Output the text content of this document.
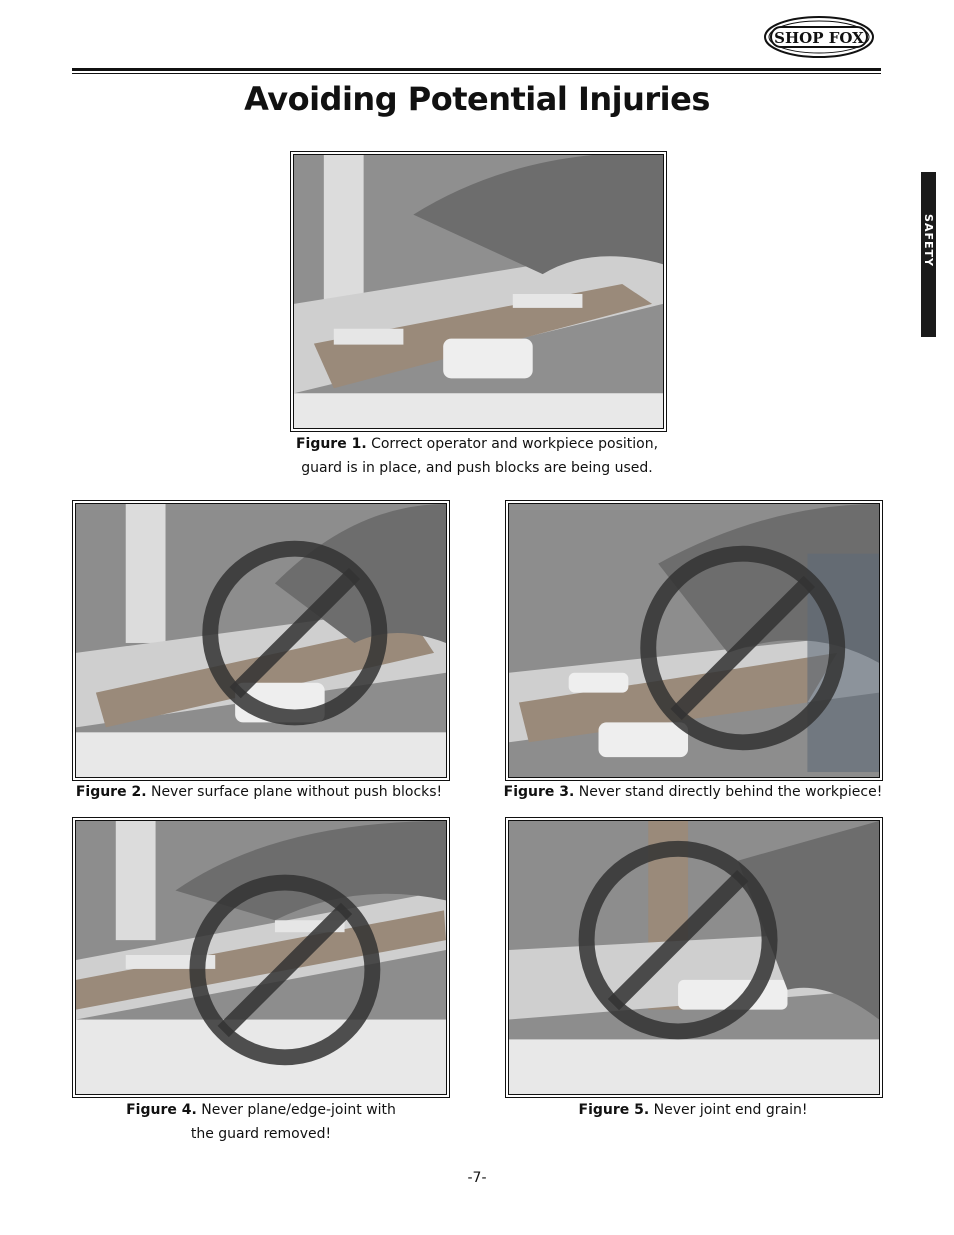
SHOP FOX
Avoiding Potential Injuries
SAFETY
Figure 1. Correct operator and workpiece position,
guard is in place, and push blocks are being used.
Figure 2. Never surface plane without push blocks!	Figure 3. Never stand directly behind the workpiece!
Figure 4. Never plane/edge-joint with
the guard removed!
Figure 5. Never joint end grain!
-7-
